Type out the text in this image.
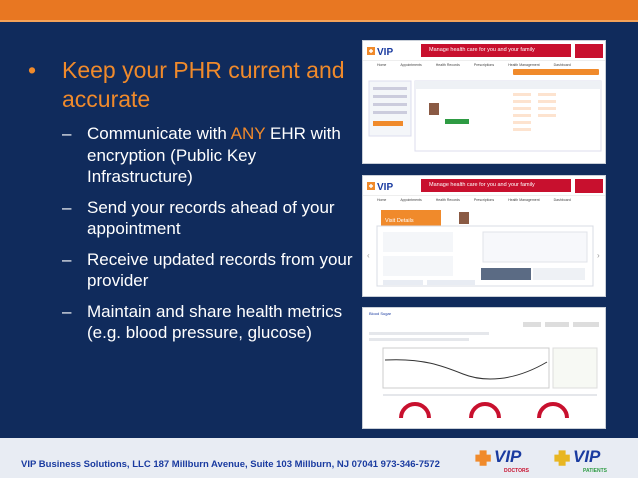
•	Keep your PHR current and accurate
– Communicate with ANY EHR with encryption (Public Key Infrastructure)
– Send your records ahead of your appointment
– Receive updated records from your provider
– Maintain and share health metrics (e.g. blood pressure, glucose)
VIP	Manage health care for you and your family
Home	Appointments	Health Records	Prescriptions	Health Management	Dashboard
VIP	Manage health care for you and your family
Home	Appointments	Health Records	Prescriptions	Health Management	Dashboard
Visit Details
‹	›
Blood Sugar
VIP Business Solutions, LLC 187 Millburn Avenue, Suite 103 Millburn, NJ 07041 973-346-7572	VIP
DOCTORS
VIP
PATIENTS
